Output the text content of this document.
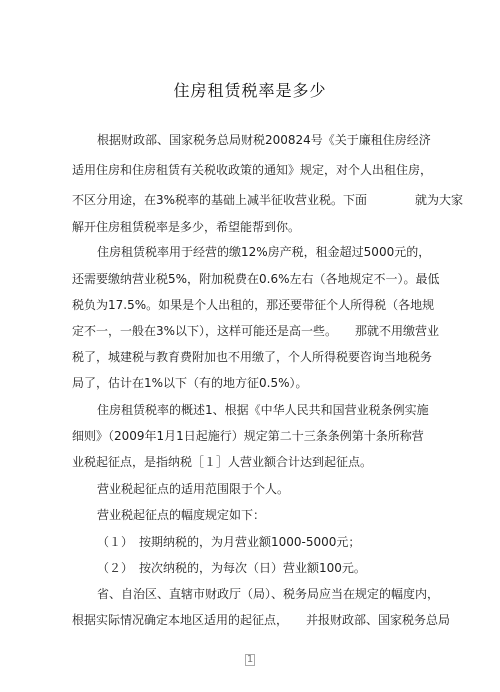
住房租赁税率是多少
根据财政部、国家税务总局财税200824号《关于廉租住房经济
适用住房和住房租赁有关税收政策的通知》规定，对个人出租住房，
不区分用途，在3%税率的基础上减半征收营业税。下面　　　　就为大家
解开住房租赁税率是多少，希望能帮到你。
住房租赁税率用于经营的缴12%房产税，租金超过5000元的，
还需要缴纳营业税5%，附加税费在0.6%左右（各地规定不一）。最低
税负为17.5%。如果是个人出租的，那还要带征个人所得税（各地规
定不一，一般在3%以下），这样可能还是高一些。　　那就不用缴营业
税了，城建税与教育费附加也不用缴了，个人所得税要咨询当地税务
局了，估计在1%以下（有的地方征0.5%）。
住房租赁税率的概述1、根据《中华人民共和国营业税条例实施
细则》（2009年1月1日起施行）规定第二十三条条例第十条所称营
业税起征点，是指纳税［１］人营业额合计达到起征点。
营业税起征点的适用范围限于个人。
营业税起征点的幅度规定如下：
（１）　按期纳税的，为月营业额1000-5000元；
（２）　按次纳税的，为每次（日）营业额100元。
省、自治区、直辖市财政厅（局）、税务局应当在规定的幅度内，
根据实际情况确定本地区适用的起征点，　　并报财政部、国家税务总局
1
